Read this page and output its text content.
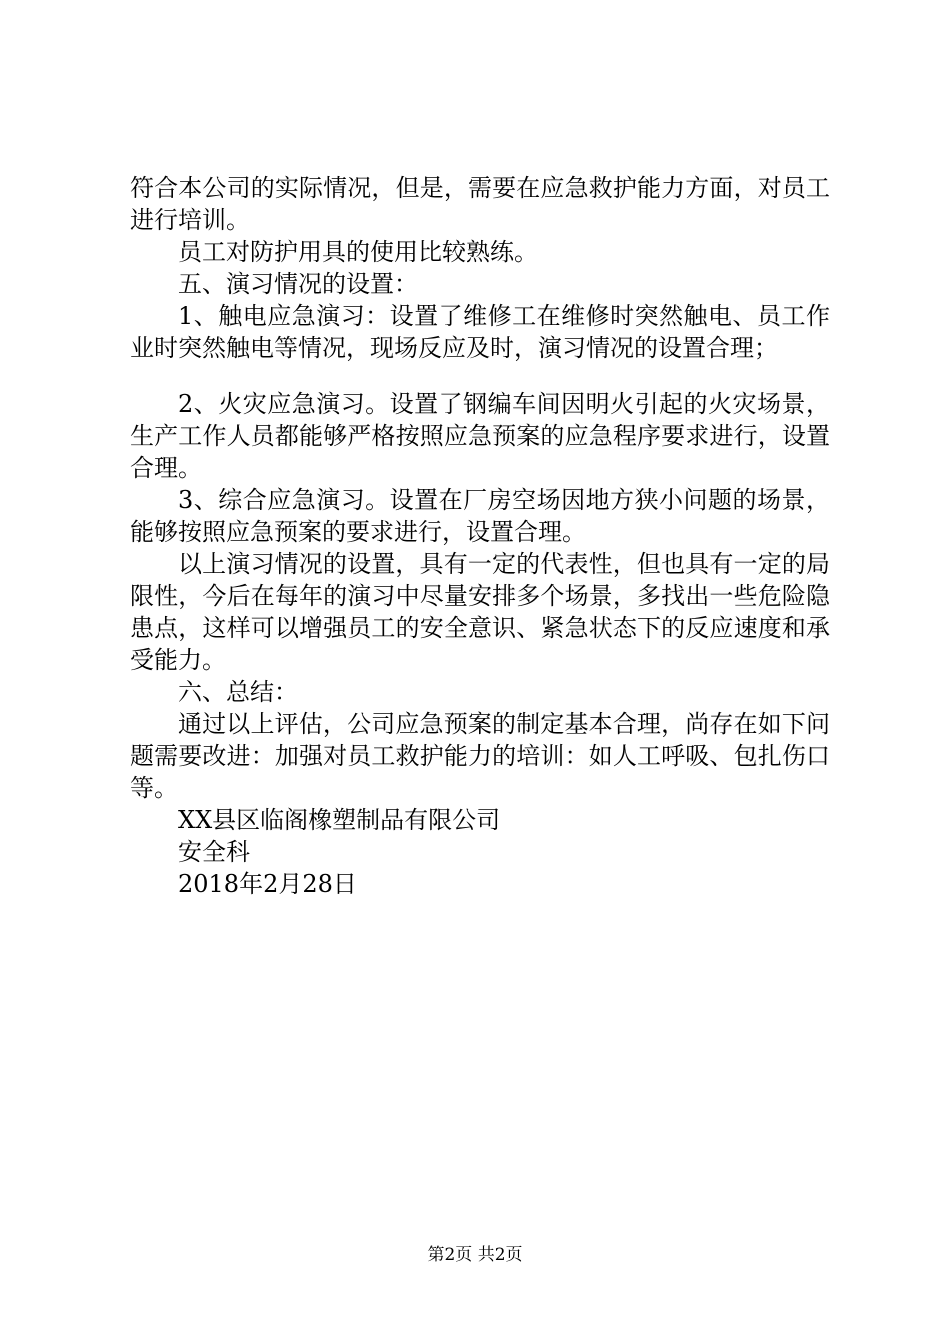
符合本公司的实际情况，但是，需要在应急救护能力方面，对员工进行培训。

员工对防护用具的使用比较熟练。

五、演习情况的设置：

1、触电应急演习：设置了维修工在维修时突然触电、员工作业时突然触电等情况，现场反应及时，演习情况的设置合理；

2、火灾应急演习。设置了钢编车间因明火引起的火灾场景，生产工作人员都能够严格按照应急预案的应急程序要求进行，设置合理。

3、综合应急演习。设置在厂房空场因地方狭小问题的场景，能够按照应急预案的要求进行，设置合理。

以上演习情况的设置，具有一定的代表性，但也具有一定的局限性，今后在每年的演习中尽量安排多个场景，多找出一些危险隐患点，这样可以增强员工的安全意识、紧急状态下的反应速度和承受能力。

六、总结：

通过以上评估，公司应急预案的制定基本合理，尚存在如下问题需要改进：加强对员工救护能力的培训：如人工呼吸、包扎伤口等。

XX县区临阁橡塑制品有限公司

安全科

2018年2月28日

第2页 共2页
